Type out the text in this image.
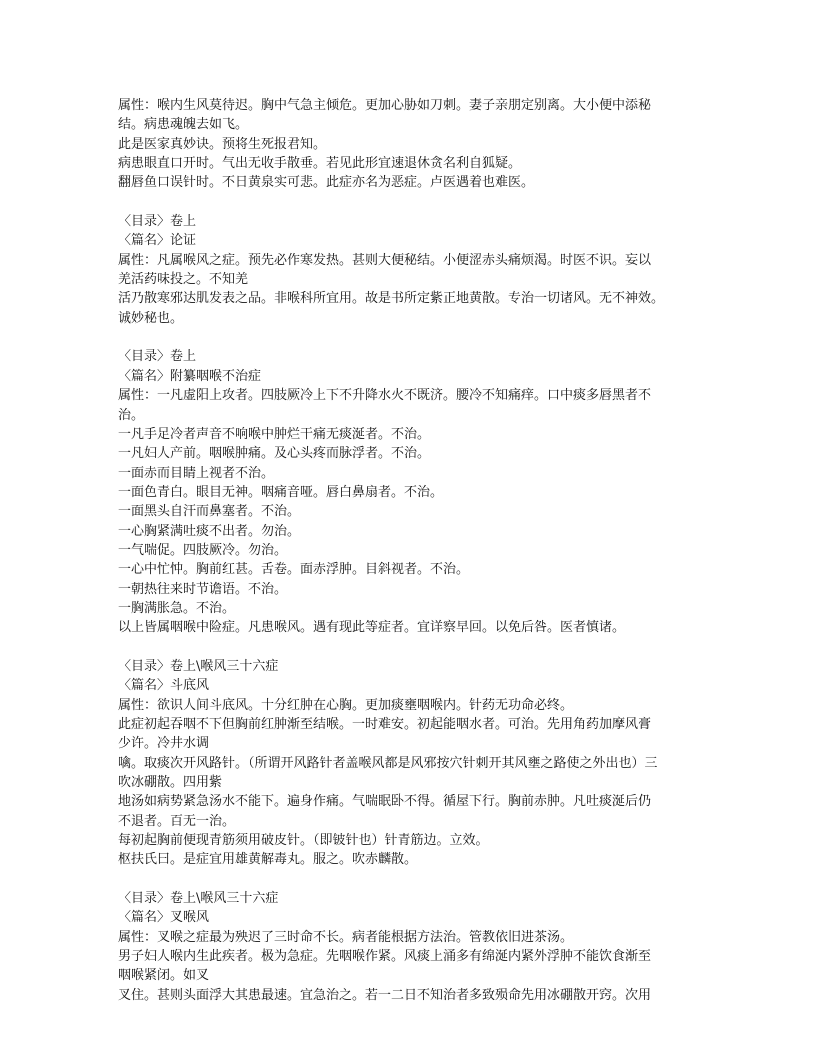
属性：喉内生风莫待迟。胸中气急主倾危。更加心胁如刀刺。妻子亲朋定别离。大小便中添秘
结。病患魂魄去如飞。
此是医家真妙诀。预将生死报君知。
病患眼直口开时。气出无收手散垂。若见此形宜速退休贪名利自狐疑。
翻唇鱼口误针时。不日黄泉实可悲。此症亦名为恶症。卢医遇着也难医。
〈目录〉卷上
〈篇名〉论证
属性：凡属喉风之症。预先必作寒发热。甚则大便秘结。小便涩赤头痛烦渴。时医不识。妄以
羌活药味投之。不知羌
活乃散寒邪达肌发表之品。非喉科所宜用。故是书所定紫正地黄散。专治一切诸风。无不神效。
诚妙秘也。
〈目录〉卷上
〈篇名〉附纂咽喉不治症
属性：一凡虚阳上攻者。四肢厥冷上下不升降水火不既济。腰冷不知痛痒。口中痰多唇黑者不
治。
一凡手足冷者声音不响喉中肿烂干痛无痰涎者。不治。
一凡妇人产前。咽喉肿痛。及心头疼而脉浮者。不治。
一面赤而目睛上视者不治。
一面色青白。眼目无神。咽痛音哑。唇白鼻扇者。不治。
一面黑头自汗而鼻塞者。不治。
一心胸紧满吐痰不出者。勿治。
一气喘促。四肢厥冷。勿治。
一心中忙忡。胸前红甚。舌卷。面赤浮肿。目斜视者。不治。
一朝热往来时节谵语。不治。
一胸满胀急。不治。
以上皆属咽喉中险症。凡患喉风。遇有现此等症者。宜详察早回。以免后咎。医者慎诸。
〈目录〉卷上\喉风三十六症
〈篇名〉斗底风
属性：欲识人间斗底风。十分红肿在心胸。更加痰壅咽喉内。针药无功命必终。
此症初起吞咽不下但胸前红肿渐至结喉。一时难安。初起能咽水者。可治。先用角药加摩风膏
少许。冷井水调
噙。取痰次开风路针。（所谓开风路针者盖喉风都是风邪按穴针刺开其风壅之路使之外出也）三
吹冰硼散。四用紫
地汤如病势紧急汤水不能下。遍身作痛。气喘眠卧不得。循屋下行。胸前赤肿。凡吐痰涎后仍
不退者。百无一治。
每初起胸前便现青筋须用破皮针。（即铍针也）针青筋边。立效。
枢扶氏曰。是症宜用雄黄解毒丸。服之。吹赤麟散。
〈目录〉卷上\喉风三十六症
〈篇名〉叉喉风
属性：叉喉之症最为殃迟了三时命不长。病者能根据方法治。管教依旧进茶汤。
男子妇人喉内生此疾者。极为急症。先咽喉作紧。风痰上涌多有绵涎内紧外浮肿不能饮食渐至
咽喉紧闭。如叉
叉住。甚则头面浮大其患最速。宜急治之。若一二日不知治者多致殒命先用冰硼散开窍。次用
